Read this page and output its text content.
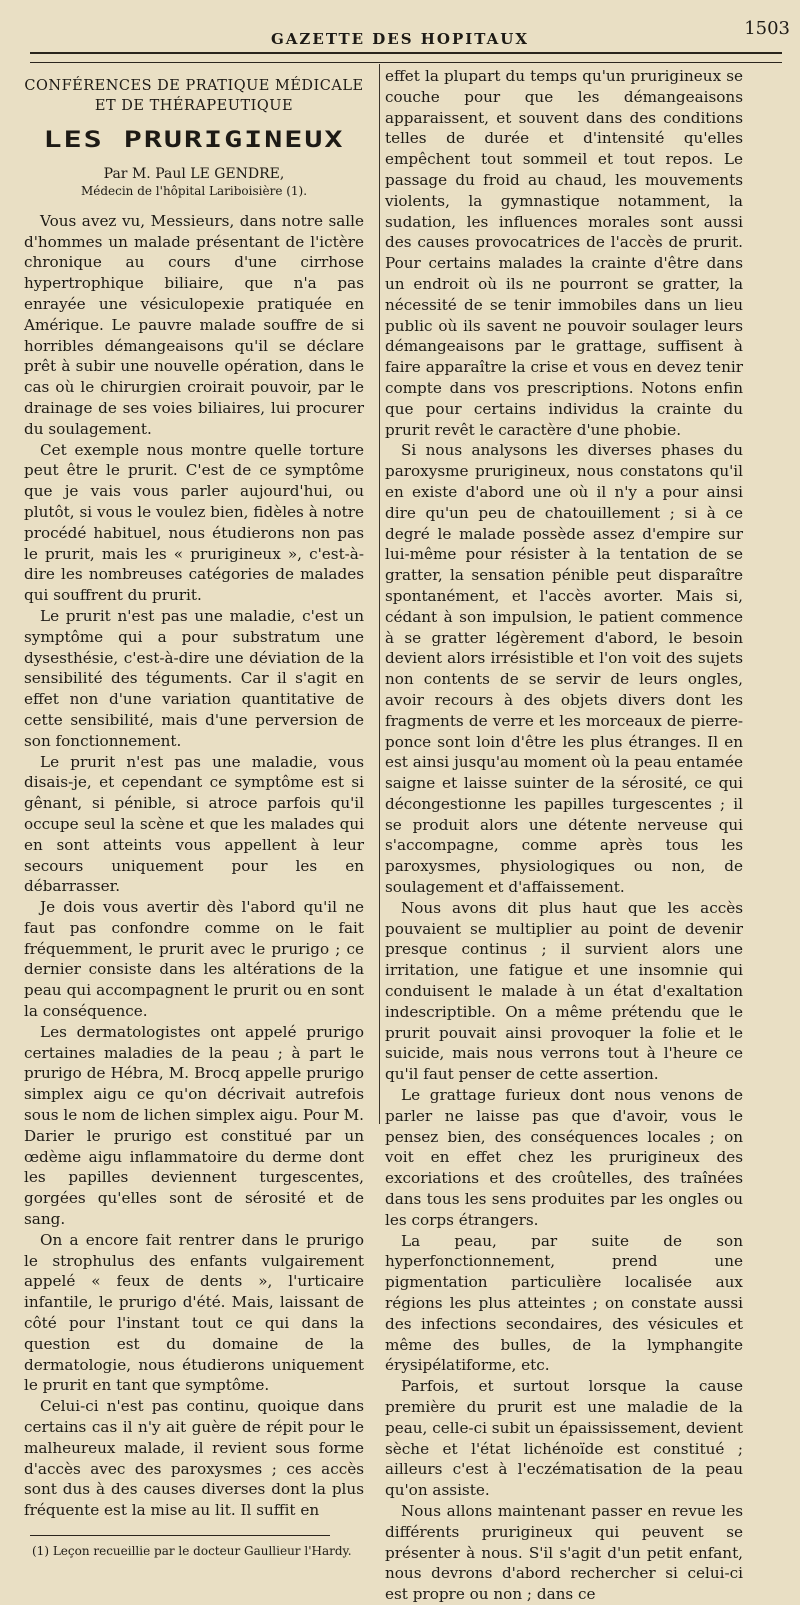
GAZETTE DES HOPITAUX	1503
CONFÉRENCES DE PRATIQUE MÉDICALE
ET DE THÉRAPEUTIQUE
LES PRURIGINEUX
Par M. Paul LE GENDRE,
Médecin de l'hôpital Lariboisière (1).

Vous avez vu, Messieurs, dans notre salle d'hommes un malade présentant de l'ictère chronique au cours d'une cirrhose hypertrophique biliaire, que n'a pas enrayée une vésiculopexie pratiquée en Amérique. Le pauvre malade souffre de si horribles démangeaisons qu'il se déclare prêt à subir une nouvelle opération, dans le cas où le chirurgien croirait pouvoir, par le drainage de ses voies biliaires, lui procurer du soulagement.

Cet exemple nous montre quelle torture peut être le prurit. C'est de ce symptôme que je vais vous parler aujourd'hui, ou plutôt, si vous le voulez bien, fidèles à notre procédé habituel, nous étudierons non pas le prurit, mais les « prurigineux », c'est-à-dire les nombreuses catégories de malades qui souffrent du prurit.

Le prurit n'est pas une maladie, c'est un symptôme qui a pour substratum une dysesthésie, c'est-à-dire une déviation de la sensibilité des téguments. Car il s'agit en effet non d'une variation quantitative de cette sensibilité, mais d'une perversion de son fonctionnement.

Le prurit n'est pas une maladie, vous disais-je, et cependant ce symptôme est si gênant, si pénible, si atroce parfois qu'il occupe seul la scène et que les malades qui en sont atteints vous appellent à leur secours uniquement pour les en débarrasser.

Je dois vous avertir dès l'abord qu'il ne faut pas confondre comme on le fait fréquemment, le prurit avec le prurigo ; ce dernier consiste dans les altérations de la peau qui accompagnent le prurit ou en sont la conséquence.

Les dermatologistes ont appelé prurigo certaines maladies de la peau ; à part le prurigo de Hébra, M. Brocq appelle prurigo simplex aigu ce qu'on décrivait autrefois sous le nom de lichen simplex aigu. Pour M. Darier le prurigo est constitué par un œdème aigu inflammatoire du derme dont les papilles deviennent turgescentes, gorgées qu'elles sont de sérosité et de sang.

On a encore fait rentrer dans le prurigo le strophulus des enfants vulgairement appelé « feux de dents », l'urticaire infantile, le prurigo d'été. Mais, laissant de côté pour l'instant tout ce qui dans la question est du domaine de la dermatologie, nous étudierons uniquement le prurit en tant que symptôme.

Celui-ci n'est pas continu, quoique dans certains cas il n'y ait guère de répit pour le malheureux malade, il revient sous forme d'accès avec des paroxysmes ; ces accès sont dus à des causes diverses dont la plus fréquente est la mise au lit. Il suffit en

(1) Leçon recueillie par le docteur Gaulliеur l'Hardy.

effet la plupart du temps qu'un prurigineux se couche pour que les démangeaisons apparaissent, et souvent dans des conditions telles de durée et d'intensité qu'elles empêchent tout sommeil et tout repos. Le passage du froid au chaud, les mouvements violents, la gymnastique notamment, la sudation, les influences morales sont aussi des causes provocatrices de l'accès de prurit. Pour certains malades la crainte d'être dans un endroit où ils ne pourront se gratter, la nécessité de se tenir immobiles dans un lieu public où ils savent ne pouvoir soulager leurs démangeaisons par le grattage, suffisent à faire apparaître la crise et vous en devez tenir compte dans vos prescriptions. Notons enfin que pour certains individus la crainte du prurit revêt le caractère d'une phobie.

Si nous analysons les diverses phases du paroxysme prurigineux, nous constatons qu'il en existe d'abord une où il n'y a pour ainsi dire qu'un peu de chatouillement ; si à ce degré le malade possède assez d'empire sur lui-même pour résister à la tentation de se gratter, la sensation pénible peut disparaître spontanément, et l'accès avorter. Mais si, cédant à son impulsion, le patient commence à se gratter légèrement d'abord, le besoin devient alors irrésistible et l'on voit des sujets non contents de se servir de leurs ongles, avoir recours à des objets divers dont les fragments de verre et les morceaux de pierre-ponce sont loin d'être les plus étranges. Il en est ainsi jusqu'au moment où la peau entamée saigne et laisse suinter de la sérosité, ce qui décongestionne les papilles turgescentes ; il se produit alors une détente nerveuse qui s'accompagne, comme après tous les paroxysmes, physiologiques ou non, de soulagement et d'affaissement.

Nous avons dit plus haut que les accès pouvaient se multiplier au point de devenir presque continus ; il survient alors une irritation, une fatigue et une insomnie qui conduisent le malade à un état d'exaltation indescriptible. On a même prétendu que le prurit pouvait ainsi provoquer la folie et le suicide, mais nous verrons tout à l'heure ce qu'il faut penser de cette assertion.

Le grattage furieux dont nous venons de parler ne laisse pas que d'avoir, vous le pensez bien, des conséquences locales ; on voit en effet chez les prurigineux des excoriations et des croûtelles, des traînées dans tous les sens produites par les ongles ou les corps étrangers.

La peau, par suite de son hyperfonctionnement, prend une pigmentation particulière localisée aux régions les plus atteintes ; on constate aussi des infections secondaires, des vésicules et même des bulles, de la lymphangite érysipélatiforme, etc.

Parfois, et surtout lorsque la cause première du prurit est une maladie de la peau, celle-ci subit un épaississement, devient sèche et l'état lichénoïde est constitué ; ailleurs c'est à l'eczématisation de la peau qu'on assiste.

Nous allons maintenant passer en revue les différents prurigineux qui peuvent se présenter à nous. S'il s'agit d'un petit enfant, nous devrons d'abord rechercher si celui-ci est propre ou non ; dans ce
